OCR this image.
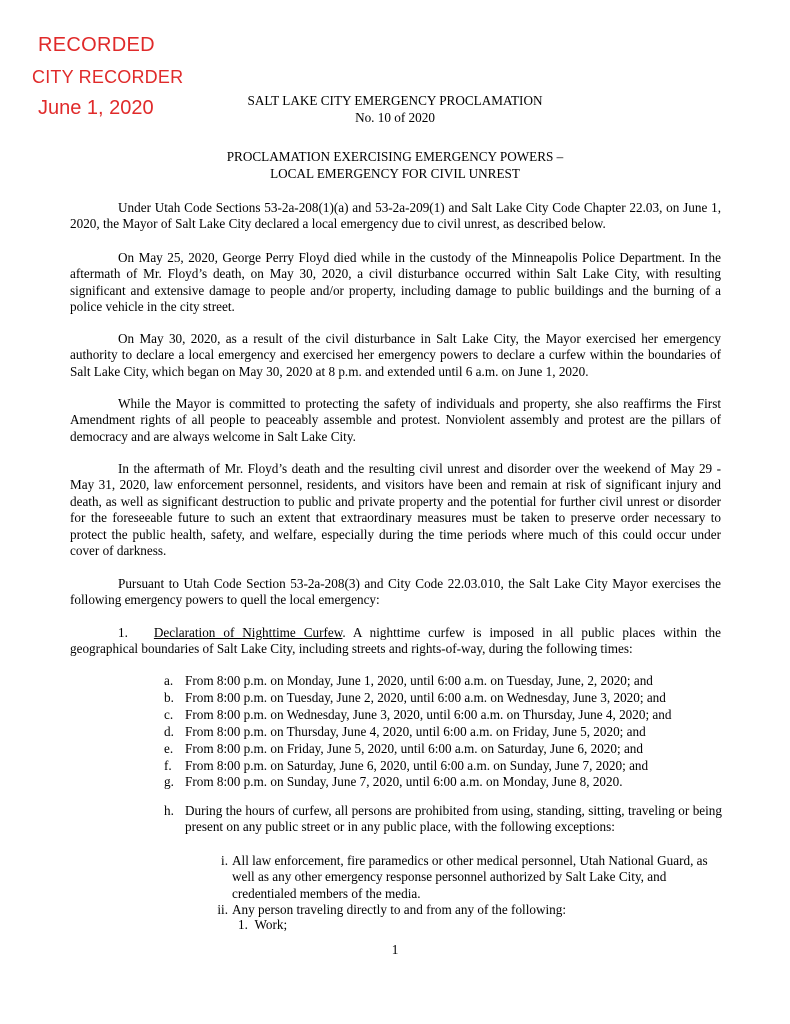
RECORDED
CITY RECORDER
June 1, 2020	SALT LAKE CITY EMERGENCY PROCLAMATION
No. 10 of 2020
PROCLAMATION EXERCISING EMERGENCY POWERS –
LOCAL EMERGENCY FOR CIVIL UNREST

Under Utah Code Sections 53-2a-208(1)(a) and 53-2a-209(1) and Salt Lake City Code Chapter 22.03, on June 1, 2020, the Mayor of Salt Lake City declared a local emergency due to civil unrest, as described below.

On May 25, 2020, George Perry Floyd died while in the custody of the Minneapolis Police Department. In the aftermath of Mr. Floyd’s death, on May 30, 2020, a civil disturbance occurred within Salt Lake City, with resulting significant and extensive damage to people and/or property, including damage to public buildings and the burning of a police vehicle in the city street.

On May 30, 2020, as a result of the civil disturbance in Salt Lake City, the Mayor exercised her emergency authority to declare a local emergency and exercised her emergency powers to declare a curfew within the boundaries of Salt Lake City, which began on May 30, 2020 at 8 p.m. and extended until 6 a.m. on June 1, 2020.

While the Mayor is committed to protecting the safety of individuals and property, she also reaffirms the First Amendment rights of all people to peaceably assemble and protest. Nonviolent assembly and protest are the pillars of democracy and are always welcome in Salt Lake City.

In the aftermath of Mr. Floyd’s death and the resulting civil unrest and disorder over the weekend of May 29 - May 31, 2020, law enforcement personnel, residents, and visitors have been and remain at risk of significant injury and death, as well as significant destruction to public and private property and the potential for further civil unrest or disorder for the foreseeable future to such an extent that extraordinary measures must be taken to preserve order necessary to protect the public health, safety, and welfare, especially during the time periods where much of this could occur under cover of darkness.

Pursuant to Utah Code Section 53-2a-208(3) and City Code 22.03.010, the Salt Lake City Mayor exercises the following emergency powers to quell the local emergency:

1. Declaration of Nighttime Curfew. A nighttime curfew is imposed in all public places within the geographical boundaries of Salt Lake City, including streets and rights-of-way, during the following times:

a. From 8:00 p.m. on Monday, June 1, 2020, until 6:00 a.m. on Tuesday, June, 2, 2020; and
b. From 8:00 p.m. on Tuesday, June 2, 2020, until 6:00 a.m. on Wednesday, June 3, 2020; and
c. From 8:00 p.m. on Wednesday, June 3, 2020, until 6:00 a.m. on Thursday, June 4, 2020; and
d. From 8:00 p.m. on Thursday, June 4, 2020, until 6:00 a.m. on Friday, June 5, 2020; and
e. From 8:00 p.m. on Friday, June 5, 2020, until 6:00 a.m. on Saturday, June 6, 2020; and
f. From 8:00 p.m. on Saturday, June 6, 2020, until 6:00 a.m. on Sunday, June 7, 2020; and
g. From 8:00 p.m. on Sunday, June 7, 2020, until 6:00 a.m. on Monday, June 8, 2020.
h. During the hours of curfew, all persons are prohibited from using, standing, sitting, traveling or being present on any public street or in any public place, with the following exceptions:
i. All law enforcement, fire paramedics or other medical personnel, Utah National Guard, as well as any other emergency response personnel authorized by Salt Lake City, and credentialed members of the media.
ii. Any person traveling directly to and from any of the following:
1. Work;
1
